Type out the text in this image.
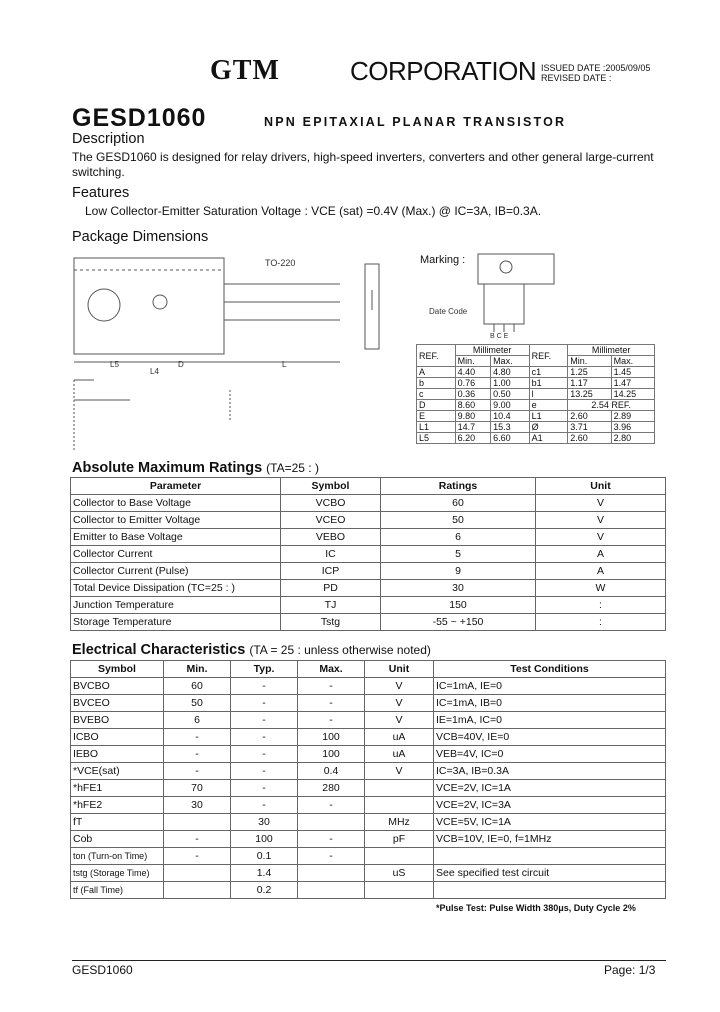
GTM	CORPORATION ISSUED DATE :2005/09/05
REVISED DATE :
GESD1060	NPN EPITAXIAL PLANAR TRANSISTOR
Description
The GESD1060 is designed for relay drivers, high-speed inverters, converters and other general large-current switching.
Features
Low Collector-Emitter Saturation Voltage : VCE (sat) =0.4V (Max.) @ IC=3A, IB=0.3A.
Package Dimensions
TO-220
L5	D	L
L4
Marking :
Date Code
B C E
REF.	Millimeter		REF.	Millimeter	
	Min.	Max.		Min.	Max.
A	4.40	4.80	c1	1.25	1.45
b	0.76	1.00	b1	1.17	1.47
c	0.36	0.50	l	13.25	14.25
D	8.60	9.00	e	2.54 REF.	
E	9.80	10.4	L1	2.60	2.89
L1	14.7	15.3	Ø	3.71	3.96
L5	6.20	6.60	A1	2.60	2.80
Absolute Maximum Ratings (TA=25 : )
Parameter	Symbol	Ratings	Unit
Collector to Base Voltage	VCBO	60	V
Collector to Emitter Voltage	VCEO	50	V
Emitter to Base Voltage	VEBO	6	V
Collector Current	IC	5	A
Collector Current (Pulse)	ICP	9	A
Total Device Dissipation (TC=25 : )	PD	30	W
Junction Temperature	TJ	150	:
Storage Temperature	Tstg	-55 ~ +150	:
Electrical Characteristics (TA = 25 : unless otherwise noted)
Symbol	Min.	Typ.	Max.	Unit	Test Conditions
BVCBO	60	-	-	V	IC=1mA, IE=0
BVCEO	50	-	-	V	IC=1mA, IB=0
BVEBO	6	-	-	V	IE=1mA, IC=0
ICBO	-	-	100	uA	VCB=40V, IE=0
IEBO	-	-	100	uA	VEB=4V, IC=0
*VCE(sat)	-	-	0.4	V	IC=3A, IB=0.3A
*hFE1	70	-	280		VCE=2V, IC=1A
*hFE2	30	-	-		VCE=2V, IC=3A
fT		30		MHz	VCE=5V, IC=1A
Cob	-	100	-	pF	VCB=10V, IE=0, f=1MHz
ton (Turn-on Time)	-	0.1	-		
tstg (Storage Time)		1.4		uS	See specified test circuit
tf (Fall Time)		0.2			
*Pulse Test: Pulse Width 380μs, Duty Cycle 2%
GESD1060	Page: 1/3
